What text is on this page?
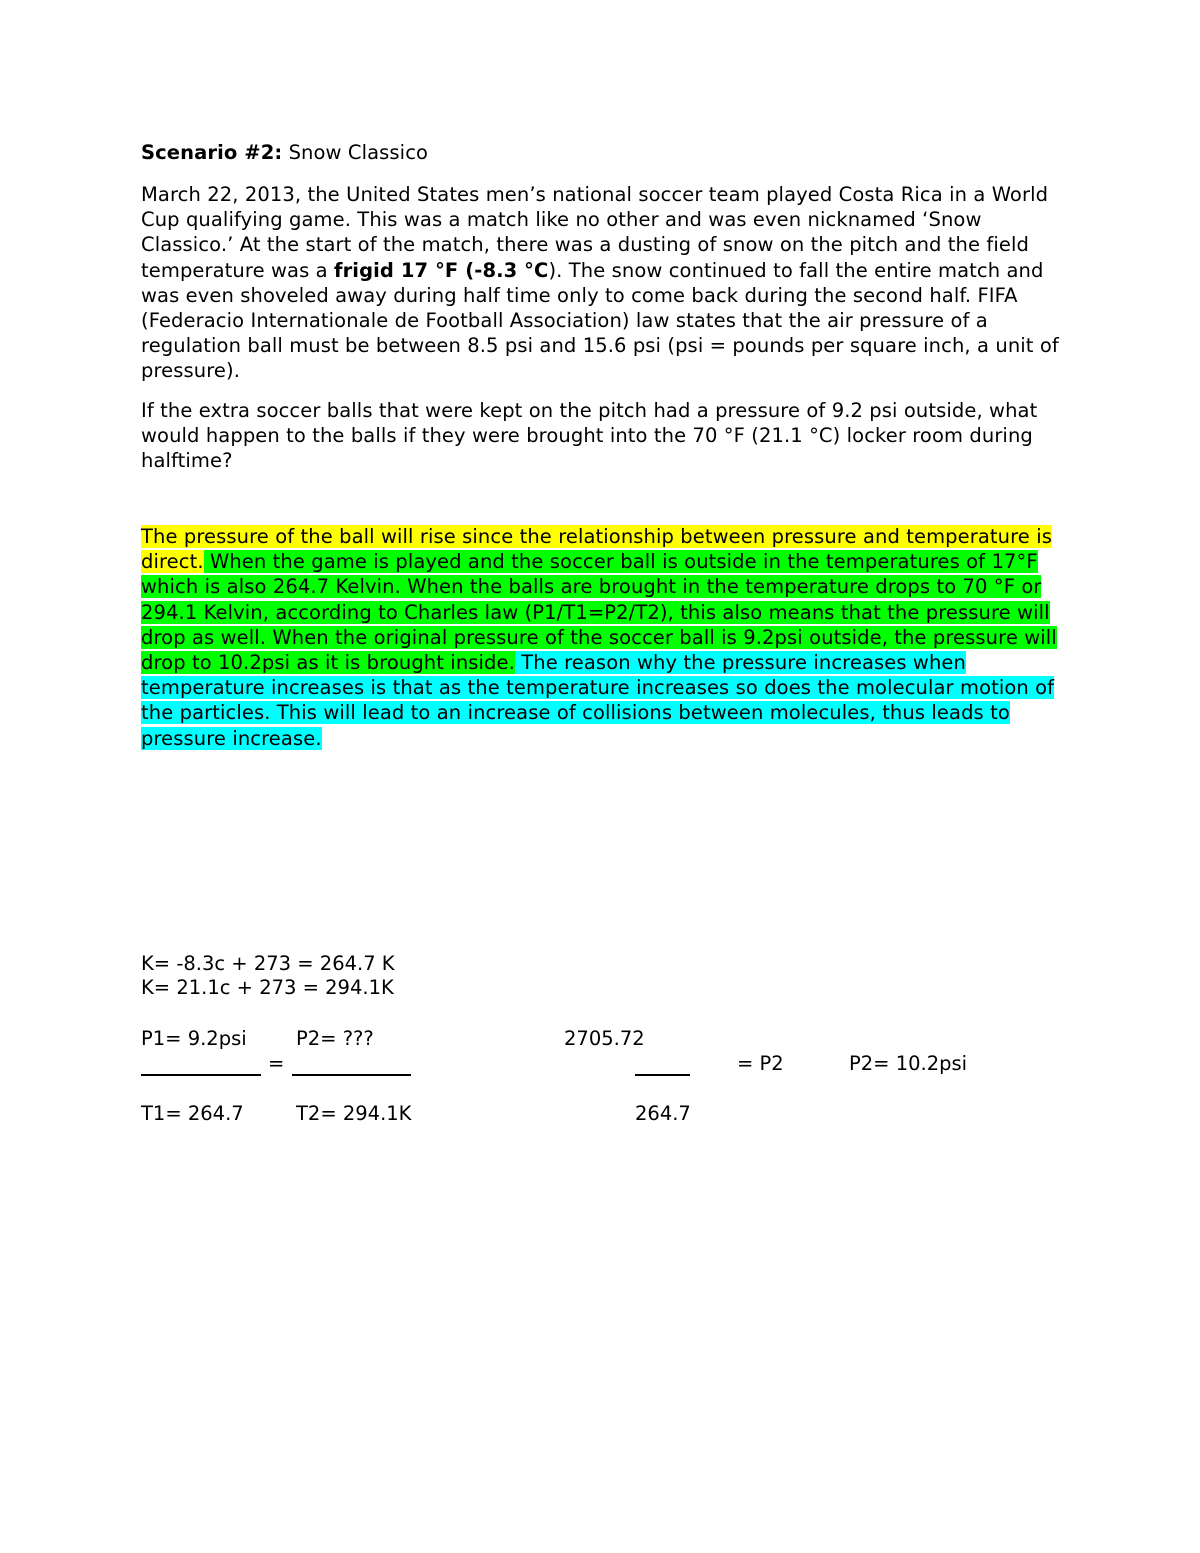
Scenario #2: Snow Classico

March 22, 2013, the United States men’s national soccer team played Costa Rica in a World Cup qualifying game. This was a match like no other and was even nicknamed ‘Snow Classico.’ At the start of the match, there was a dusting of snow on the pitch and the field temperature was a frigid 17 °F (-8.3 °C). The snow continued to fall the entire match and was even shoveled away during half time only to come back during the second half. FIFA (Federacio Internationale de Football Association) law states that the air pressure of a regulation ball must be between 8.5 psi and 15.6 psi (psi = pounds per square inch, a unit of pressure).

If the extra soccer balls that were kept on the pitch had a pressure of 9.2 psi outside, what would happen to the balls if they were brought into the 70 °F (21.1 °C) locker room during halftime?

The pressure of the ball will rise since the relationship between pressure and temperature is direct. When the game is played and the soccer ball is outside in the temperatures of 17°F which is also 264.7 Kelvin. When the balls are brought in the temperature drops to 70 °F or 294.1 Kelvin, according to Charles law (P1/T1=P2/T2), this also means that the pressure will drop as well. When the original pressure of the soccer ball is 9.2psi outside, the pressure will drop to 10.2psi as it is brought inside. The reason why the pressure increases when temperature increases is that as the temperature increases so does the molecular motion of the particles. This will lead to an increase of collisions between molecules, thus leads to pressure increase.

K= -8.3c + 273 = 264.7 K
K= 21.1c + 273 = 294.1K
P1= 9.2psi	P2= ???	2705.72
=	= P2	P2= 10.2psi
T1= 264.7	T2= 294.1K	264.7
